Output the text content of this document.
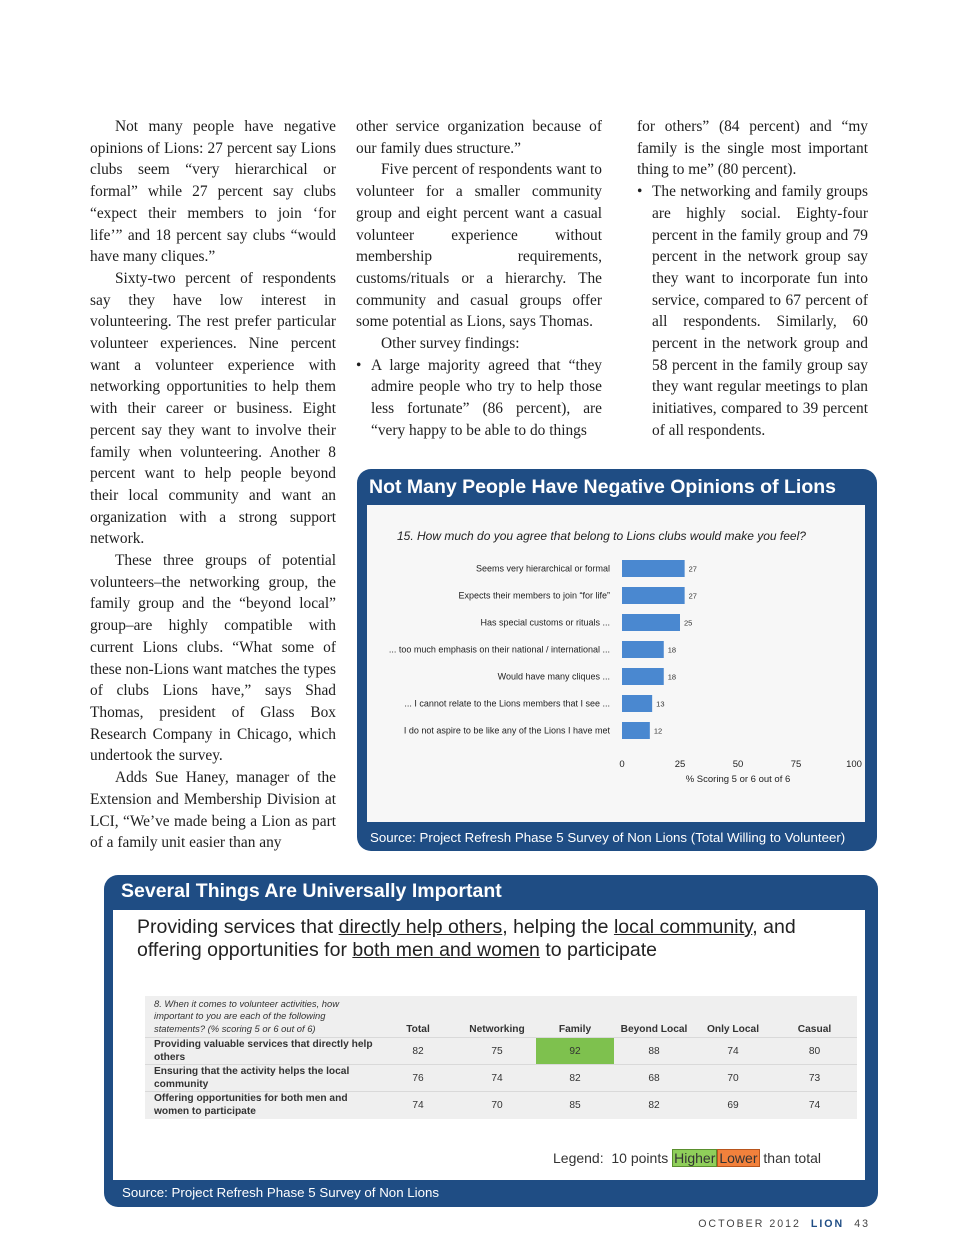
Not many people have negative opinions of Lions: 27 percent say Lions clubs seem “very hierarchical or formal” while 27 percent say clubs “expect their members to join ‘for life’” and 18 percent say clubs “would have many cliques.”

Sixty-two percent of respondents say they have low interest in volunteering. The rest prefer particular volunteer experiences. Nine percent want a volunteer experience with networking opportunities to help them with their career or business. Eight percent say they want to involve their family when volunteering. Another 8 percent want to help people beyond their local community and want an organization with a strong support network.

These three groups of potential volunteers–the networking group, the family group and the “beyond local” group–are highly compatible with current Lions clubs. “What some of these non-Lions want matches the types of clubs Lions have,” says Shad Thomas, president of Glass Box Research Company in Chicago, which undertook the survey.

Adds Sue Haney, manager of the Extension and Membership Division at LCI, “We’ve made being a Lion as part of a family unit easier than any

other service organization because of our family dues structure.”

Five percent of respondents want to volunteer for a smaller community group and eight percent want a casual volunteer experience without membership requirements, customs/rituals or a hierarchy. The community and casual groups offer some potential as Lions, says Thomas.

Other survey findings:

• A large majority agreed that “they admire people who try to help those less fortunate” (86 percent), are “very happy to be able to do things

for others” (84 percent) and “my family is the single most important thing to me” (80 percent).

• The networking and family groups are highly social. Eighty-four percent in the family group and 79 percent in the network group say they want to incorporate fun into service, compared to 67 percent of all respondents. Similarly, 60 percent in the network group and 58 percent in the family group say they want regular meetings to plan initiatives, compared to 39 percent of all respondents.
Not Many People Have Negative Opinions of Lions
15. How much do you agree that belong to Lions clubs would make you feel?
Seems very hierarchical or formal	27
Expects their members to join “for life”	27
Has special customs or rituals ...	25
... too much emphasis on their national / international ...	18
Would have many cliques ...	18
... I cannot relate to the Lions members that I see ...	13
I do not aspire to be like any of the Lions I have met	12
0	25	50	75	100
% Scoring 5 or 6 out of 6
Source: Project Refresh Phase 5 Survey of Non Lions (Total Willing to Volunteer)
Several Things Are Universally Important
Providing services that directly help others, helping the local community, and offering opportunities for both men and women to participate
8. When it comes to volunteer activities, how important to you are each of the following statements? (% scoring 5 or 6 out of 6)	Total	Networking	Family	Beyond Local	Only Local	Casual
Providing valuable services that directly help others	82	75	92	88	74	80
Ensuring that the activity helps the local community	76	74	82	68	70	73
Offering opportunities for both men and women to participate	74	70	85	82	69	74
Legend: 10 points Higher Lower than total
Source: Project Refresh Phase 5 Survey of Non Lions
OCTOBER 2012 LION 43
